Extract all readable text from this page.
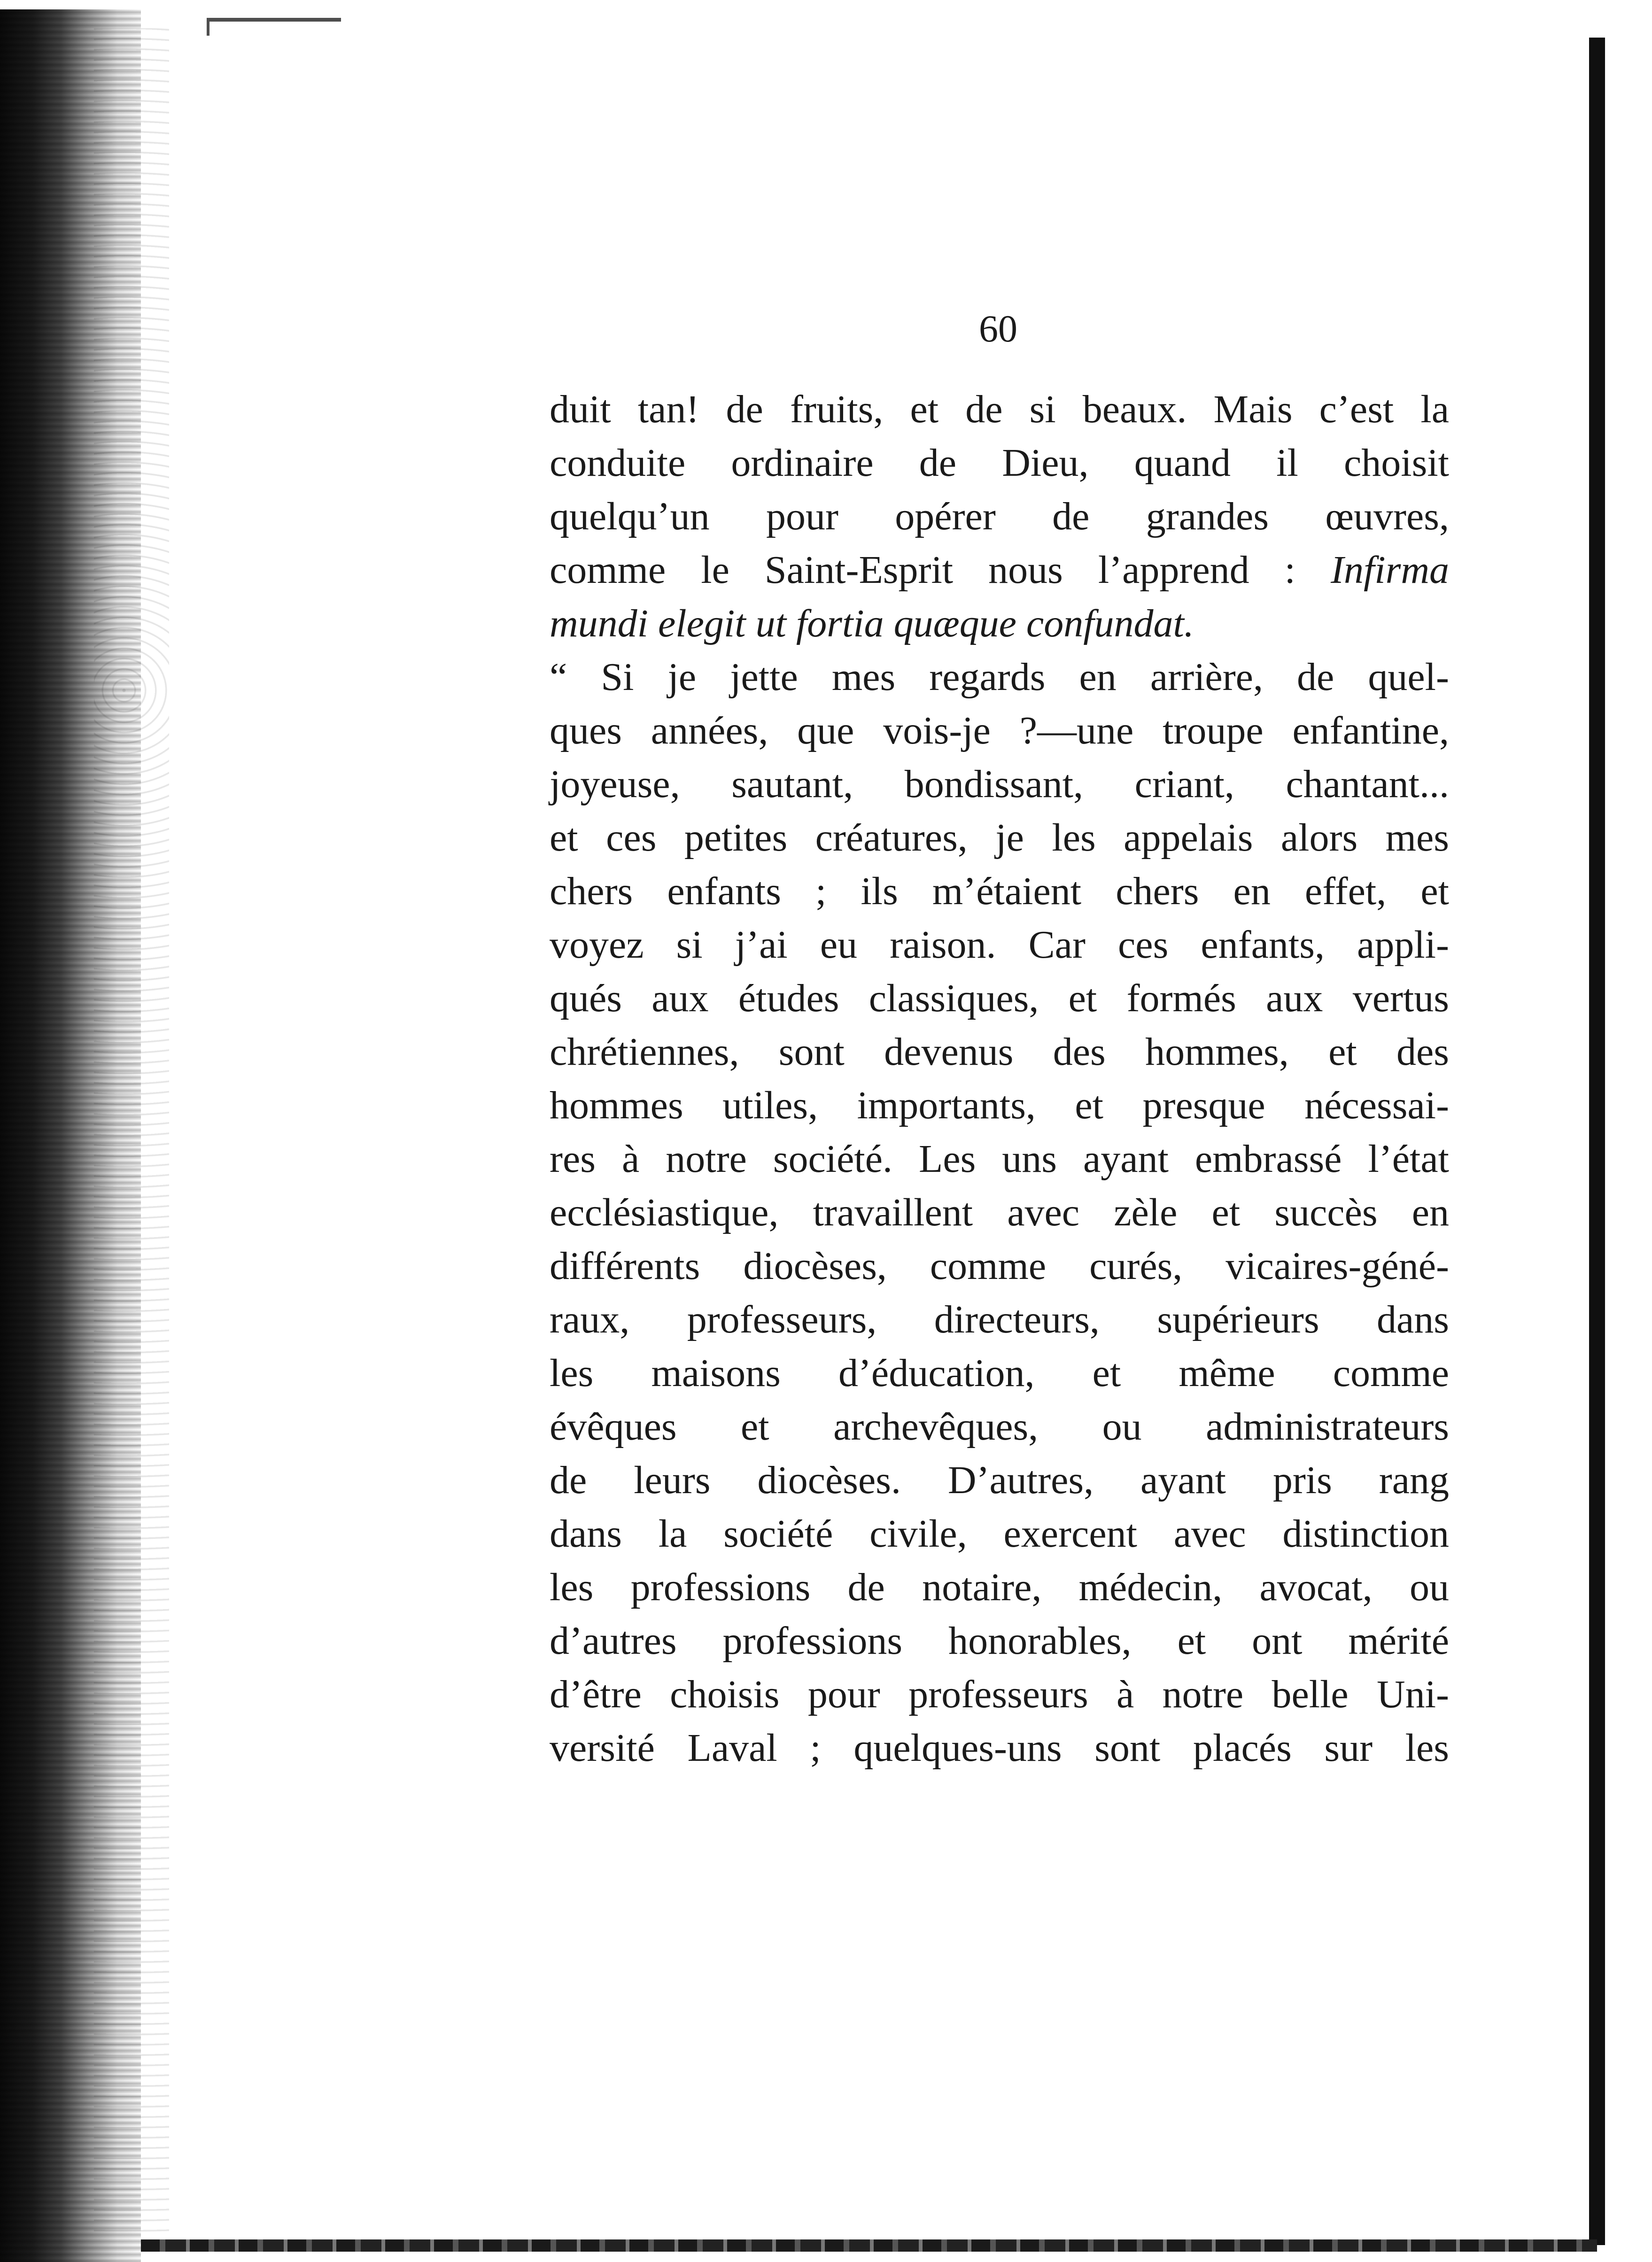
60
duit tan! de fruits, et de si beaux. Mais c’est la
conduite ordinaire de Dieu, quand il choisit
quelqu’un pour opérer de grandes œuvres,
comme le Saint-Esprit nous l’apprend : Infirma
mundi elegit ut fortia quæque confundat.
“ Si je jette mes regards en arrière, de quel-
ques années, que vois-je ?—une troupe enfantine,
joyeuse, sautant, bondissant, criant, chantant...
et ces petites créatures, je les appelais alors mes
chers enfants ; ils m’étaient chers en effet, et
voyez si j’ai eu raison. Car ces enfants, appli-
qués aux études classiques, et formés aux vertus
chrétiennes, sont devenus des hommes, et des
hommes utiles, importants, et presque nécessai-
res à notre société. Les uns ayant embrassé l’état
ecclésiastique, travaillent avec zèle et succès en
différents diocèses, comme curés, vicaires-géné-
raux, professeurs, directeurs, supérieurs dans
les maisons d’éducation, et même comme
évêques et archevêques, ou administrateurs
de leurs diocèses. D’autres, ayant pris rang
dans la société civile, exercent avec distinction
les professions de notaire, médecin, avocat, ou
d’autres professions honorables, et ont mérité
d’être choisis pour professeurs à notre belle Uni-
versité Laval ; quelques-uns sont placés sur les
